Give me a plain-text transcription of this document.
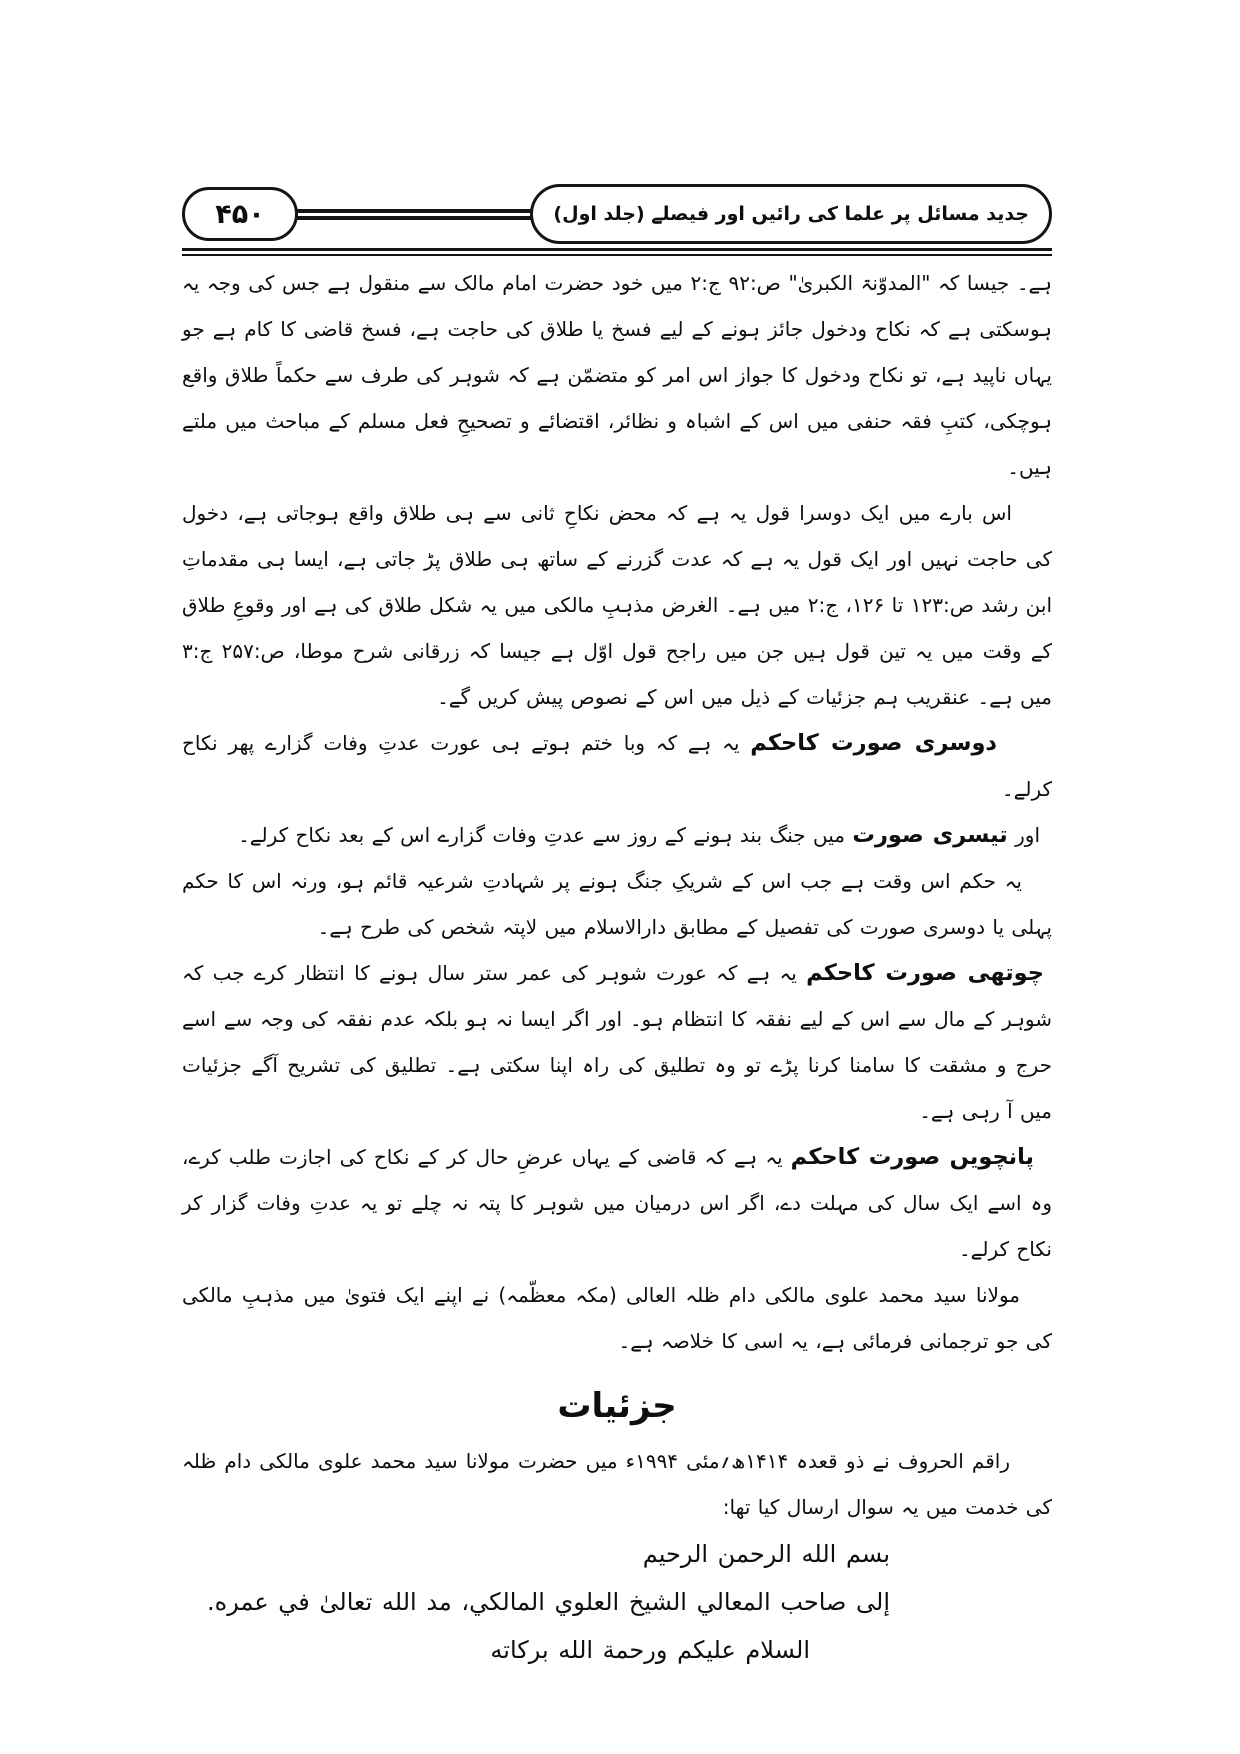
۴۵۰	جدید مسائل پر علما کی رائیں اور فیصلے (جلد اول)

ہے۔ جیسا کہ "المدوّنۃ الکبریٰ" ص:۹۲ ج:۲ میں خود حضرت امام مالک سے منقول ہے جس کی وجہ یہ ہوسکتی ہے کہ نکاح ودخول جائز ہونے کے لیے فسخ یا طلاق کی حاجت ہے، فسخ قاضی کا کام ہے جو یہاں ناپید ہے، تو نکاح ودخول کا جواز اس امر کو متضمّن ہے کہ شوہر کی طرف سے حکماً طلاق واقع ہوچکی، کتبِ فقہ حنفی میں اس کے اشباہ و نظائر، اقتضائے و تصحیحِ فعل مسلم کے مباحث میں ملتے ہیں۔

اس بارے میں ایک دوسرا قول یہ ہے کہ محض نکاحِ ثانی سے ہی طلاق واقع ہوجاتی ہے، دخول کی حاجت نہیں اور ایک قول یہ ہے کہ عدت گزرنے کے ساتھ ہی طلاق پڑ جاتی ہے، ایسا ہی مقدماتِ ابن رشد ص:۱۲۳ تا ۱۲۶، ج:۲ میں ہے۔ الغرض مذہبِ مالکی میں یہ شکل طلاق کی ہے اور وقوعِ طلاق کے وقت میں یہ تین قول ہیں جن میں راجح قول اوّل ہے جیسا کہ زرقانی شرح موطا، ص:۲۵۷ ج:۳ میں ہے۔ عنقریب ہم جزئیات کے ذیل میں اس کے نصوص پیش کریں گے۔

دوسری صورت کاحکم یہ ہے کہ وبا ختم ہوتے ہی عورت عدتِ وفات گزارے پھر نکاح کرلے۔

اور تیسری صورت میں جنگ بند ہونے کے روز سے عدتِ وفات گزارے اس کے بعد نکاح کرلے۔

یہ حکم اس وقت ہے جب اس کے شریکِ جنگ ہونے پر شہادتِ شرعیہ قائم ہو، ورنہ اس کا حکم پہلی یا دوسری صورت کی تفصیل کے مطابق دارالاسلام میں لاپتہ شخص کی طرح ہے۔

چوتھی صورت کاحکم یہ ہے کہ عورت شوہر کی عمر ستر سال ہونے کا انتظار کرے جب کہ شوہر کے مال سے اس کے لیے نفقہ کا انتظام ہو۔ اور اگر ایسا نہ ہو بلکہ عدم نفقہ کی وجہ سے اسے حرج و مشقت کا سامنا کرنا پڑے تو وہ تطلیق کی راہ اپنا سکتی ہے۔ تطلیق کی تشریح آگے جزئیات میں آ رہی ہے۔

پانچویں صورت کاحکم یہ ہے کہ قاضی کے یہاں عرضِ حال کر کے نکاح کی اجازت طلب کرے، وہ اسے ایک سال کی مہلت دے، اگر اس درمیان میں شوہر کا پتہ نہ چلے تو یہ عدتِ وفات گزار کر نکاح کرلے۔

مولانا سید محمد علوی مالکی دام ظلہ العالی (مکہ معظّمہ) نے اپنے ایک فتویٰ میں مذہبِ مالکی کی جو ترجمانی فرمائی ہے، یہ اسی کا خلاصہ ہے۔

جزئیات

راقم الحروف نے ذو قعدہ ۱۴۱۴ھ؍مئی ۱۹۹۴ء میں حضرت مولانا سید محمد علوی مالکی دام ظلہ کی خدمت میں یہ سوال ارسال کیا تھا:

بسم الله الرحمن الرحيم

إلى صاحب المعالي الشيخ العلوي المالكي، مد الله تعالىٰ في عمره.

السلام عليكم ورحمة الله بركاته
